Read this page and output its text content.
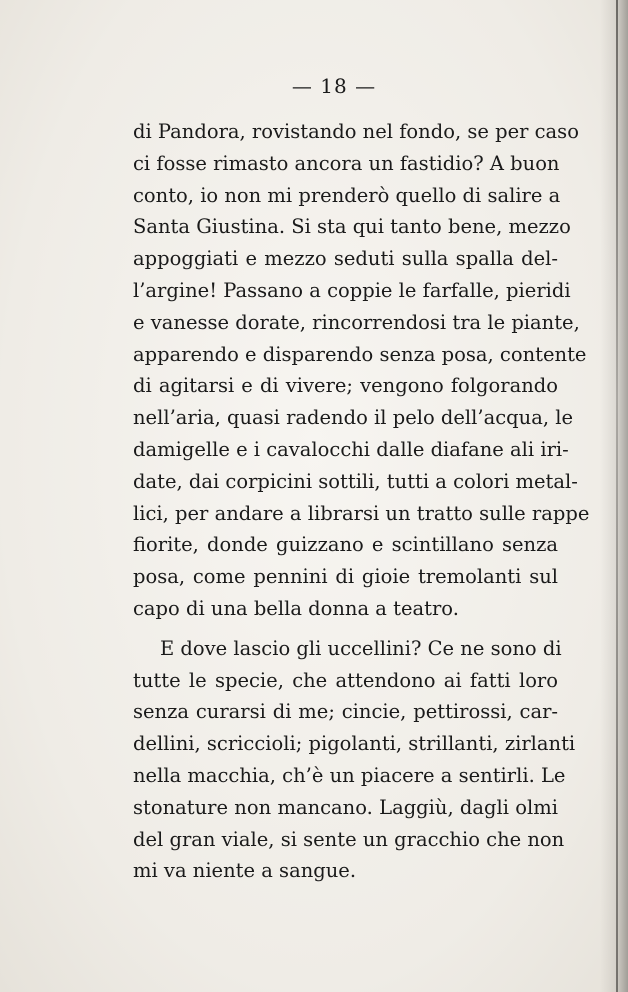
— 18 —
di Pandora, rovistando nel fondo, se per caso
ci fosse rimasto ancora un fastidio? A buon
conto, io non mi prenderò quello di salire a
Santa Giustina. Si sta qui tanto bene, mezzo
appoggiati e mezzo seduti sulla spalla del-
l’argine! Passano a coppie le farfalle, pieridi
e vanesse dorate, rincorrendosi tra le piante,
apparendo e disparendo senza posa, contente
di agitarsi e di vivere; vengono folgorando
nell’aria, quasi radendo il pelo dell’acqua, le
damigelle e i cavalocchi dalle diafane ali iri-
date, dai corpicini sottili, tutti a colori metal-
lici, per andare a librarsi un tratto sulle rappe
fiorite, donde guizzano e scintillano senza
posa, come pennini di gioie tremolanti sul
capo di una bella donna a teatro.
E dove lascio gli uccellini? Ce ne sono di
tutte le specie, che attendono ai fatti loro
senza curarsi di me; cincie, pettirossi, car-
dellini, scriccioli; pigolanti, strillanti, zirlanti
nella macchia, ch’è un piacere a sentirli. Le
stonature non mancano. Laggiù, dagli olmi
del gran viale, si sente un gracchio che non
mi va niente a sangue.
